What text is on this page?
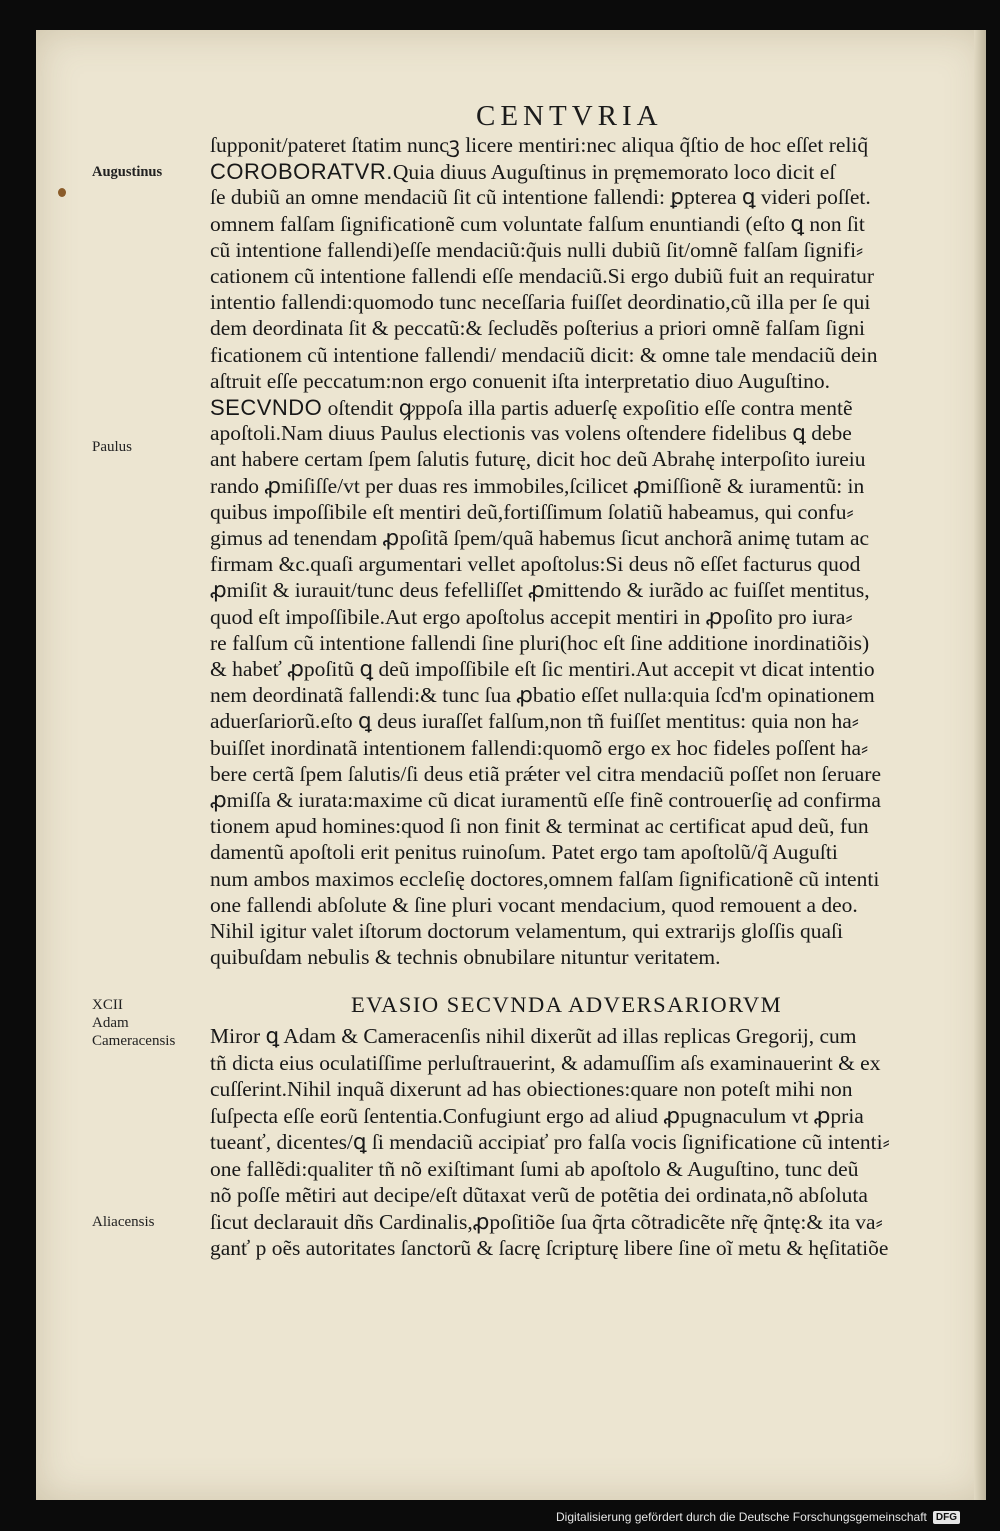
CENTVRIA
Augustinus
Paulus
XCII
Adam
Cameracensis
Aliacensis
ſupponit/pateret ſtatim nunc̨ꝫ licere mentiri:nec aliqua q̃ſtio de hoc eſſet reliq̃
COROBORATVR.Quia diuus Auguſtinus in pręmemorato loco dicit eſ
ſe dubiũ an omne mendaciũ ſit cũ intentione fallendi: ꝑpterea ꝗ videri poſſet.
omnem falſam ſignificationẽ cum voluntate falſum enuntiandi (eſto ꝗ non ſit
cũ intentione fallendi)eſſe mendaciũ:q̃uis nulli dubiũ ſit/omnẽ falſam ſignifi⸗
cationem cũ intentione fallendi eſſe mendaciũ.Si ergo dubiũ fuit an requiratur
intentio fallendi:quomodo tunc neceſſaria fuiſſet deordinatio,cũ illa per ſe qui
dem deordinata ſit & peccatũ:& ſecludẽs poſterius a priori omnẽ falſam ſigni
ficationem cũ intentione fallendi/ mendaciũ dicit: & omne tale mendaciũ dein
aſtruit eſſe peccatum:non ergo conuenit iſta interpretatio diuo Auguſtino.
SECVNDO oſtendit ꝙppoſa illa partis aduerſę expoſitio eſſe contra mentẽ
apoſtoli.Nam diuus Paulus electionis vas volens oſtendere fidelibus ꝗ debe
ant habere certam ſpem ſalutis futurę, dicit hoc deũ Abrahę interpoſito iureiu
rando ꝓmiſiſſe/vt per duas res immobiles,ſcilicet ꝓmiſſionẽ & iuramentũ: in
quibus impoſſibile eſt mentiri deũ,fortiſſimum ſolatiũ habeamus, qui confu⸗
gimus ad tenendam ꝓpoſitã ſpem/quã habemus ſicut anchorã animę tutam ac
firmam &c.quaſi argumentari vellet apoſtolus:Si deus nõ eſſet facturus quod
ꝓmiſit & iurauit/tunc deus fefelliſſet ꝓmittendo & iurãdo ac fuiſſet mentitus,
quod eſt impoſſibile.Aut ergo apoſtolus accepit mentiri in ꝓpoſito pro iura⸗
re falſum cũ intentione fallendi ſine pluri(hoc eſt ſine additione inordinatiõis)
& habeť ꝓpoſitũ ꝗ deũ impoſſibile eſt ſic mentiri.Aut accepit vt dicat intentio
nem deordinatã fallendi:& tunc ſua ꝓbatio eſſet nulla:quia ſcd'm opinationem
aduerſariorũ.eſto ꝗ deus iuraſſet falſum,non tñ fuiſſet mentitus: quia non ha⸗
buiſſet inordinatã intentionem fallendi:quomõ ergo ex hoc fideles poſſent ha⸗
bere certã ſpem ſalutis/ſi deus etiã prǽter vel citra mendaciũ poſſet non ſeruare
ꝓmiſſa & iurata:maxime cũ dicat iuramentũ eſſe finẽ controuerſię ad confirma
tionem apud homines:quod ſi non finit & terminat ac certificat apud deũ, fun
damentũ apoſtoli erit penitus ruinoſum. Patet ergo tam apoſtolũ/q̃ Auguſti
num ambos maximos eccleſię doctores,omnem falſam ſignificationẽ cũ intenti
one fallendi abſolute & ſine pluri vocant mendacium, quod remouent a deo.
Nihil igitur valet iſtorum doctorum velamentum, qui extrarijs gloſſis quaſi
quibuſdam nebulis & technis obnubilare nituntur veritatem.
EVASIO SECVNDA ADVERSARIORVM
Miror ꝗ Adam & Cameracenſis nihil dixerũt ad illas replicas Gregorij, cum
tñ dicta eius oculatiſſime perluſtrauerint, & adamuſſim aſs examinauerint & ex
cuſſerint.Nihil inquã dixerunt ad has obiectiones:quare non poteſt mihi non
ſuſpecta eſſe eorũ ſententia.Confugiunt ergo ad aliud ꝓpugnaculum vt ꝓpria
tueanť, dicentes/ꝗ ſi mendaciũ accipiať pro falſa vocis ſignificatione cũ intenti⸗
one fallẽdi:qualiter tñ nõ exiſtimant ſumi ab apoſtolo & Auguſtino, tunc deũ
nõ poſſe mẽtiri aut decipe/eſt dũtaxat verũ de potẽtia dei ordinata,nõ abſoluta
ſicut declarauit dñs Cardinalis,ꝓpoſitiõe ſua q̃rta cõtradicẽte nr̃ę q̃ntę:& ita va⸗
ganť p oẽs autoritates ſanctorũ & ſacrę ſcripturę libere ſine oĩ metu & hęſitatiõe
Digitalisierung gefördert durch die Deutsche Forschungsgemeinschaft DFG
